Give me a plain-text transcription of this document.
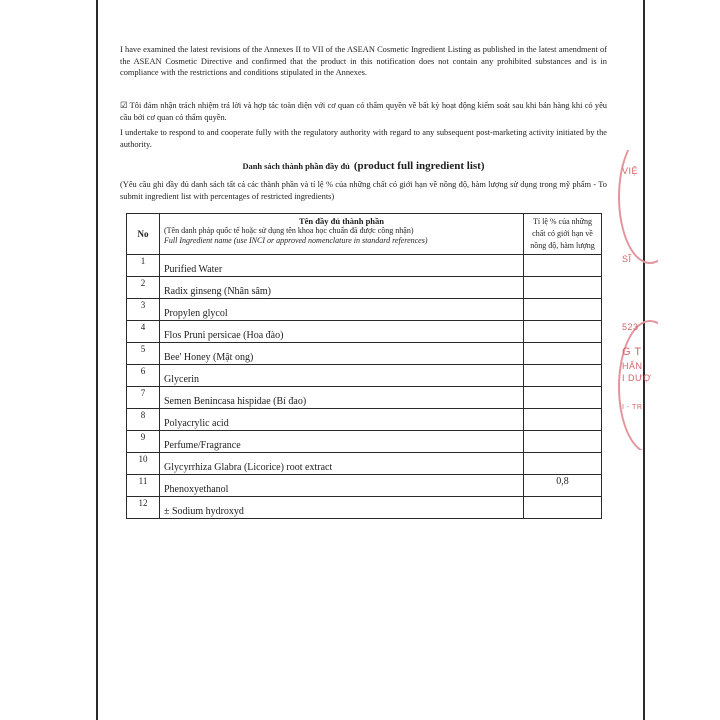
VIỆ
SĨ
523
G T
HẨN
I DƯỢ
I - TR
I have examined the latest revisions of the Annexes II to VII of the ASEAN Cosmetic Ingredient Listing as published in the latest amendment of the ASEAN Cosmetic Directive and confirmed that the product in this notification does not contain any prohibited substances and is in compliance with the restrictions and conditions stipulated in the Annexes.
☑ Tôi đảm nhận trách nhiệm trả lời và hợp tác toàn diện với cơ quan có thẩm quyền về bất kỳ hoạt động kiểm soát sau khi bán hàng khi có yêu cầu bởi cơ quan có thẩm quyền.
I undertake to respond to and cooperate fully with the regulatory authority with regard to any subsequent post-marketing activity initiated by the authority.
Danh sách thành phần đầy đủ (product full ingredient list)
(Yêu cầu ghi đầy đủ danh sách tất cả các thành phần và tỉ lệ % của những chất có giới hạn về nồng độ, hàm lượng sử dụng trong mỹ phẩm - To submit ingredient list with percentages of restricted ingredients)
No	Tên đầy đủ thành phần
(Tên danh pháp quốc tế hoặc sử dụng tên khoa học chuẩn đã được công nhận)
Full Ingredient name (use INCI or approved nomenclature in standard references)	Tỉ lệ % của những chất có giới hạn về nồng độ, hàm lượng
1	Purified Water	
2	Radix ginseng (Nhân sâm)	
3	Propylen glycol	
4	Flos Pruni persicae (Hoa đào)	
5	Bee' Honey (Mật ong)	
6	Glycerin	
7	Semen Benincasa hispidae (Bí đao)	
8	Polyacrylic acid	
9	Perfume/Fragrance	
10	Glycyrrhiza Glabra (Licorice) root extract	
11	Phenoxyethanol	0,8
12	± Sodium hydroxyd	
